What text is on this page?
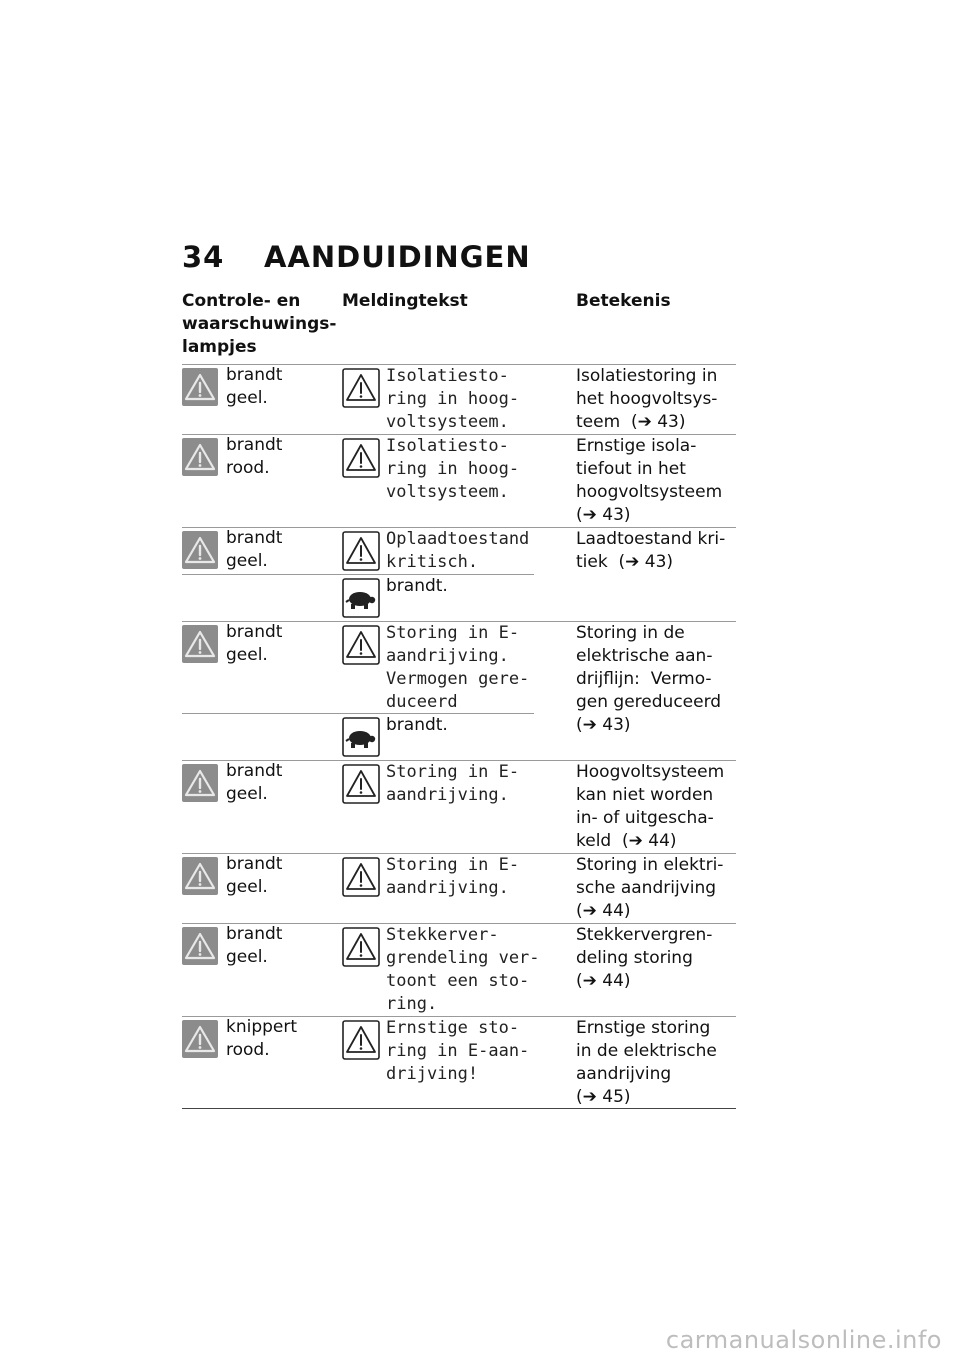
34 AANDUIDINGEN
Controle- en
waarschuwings-
lampjes
Meldingtekst	Betekenis
brandt
geel.
Isolatiesto-
ring in hoog-
voltsysteem.
Isolatiestoring in
het hoogvoltsys-
teem  (➔ 43)
brandt
rood.
Isolatiesto-
ring in hoog-
voltsysteem.
Ernstige isola-
tiefout in het
hoogvoltsysteem
(➔ 43)
brandt
geel.
Oplaadtoestand
kritisch.
Laadtoestand kri-
tiek  (➔ 43)
brandt.
brandt
geel.
Storing in E-
aandrijving.
Vermogen gere-
duceerd
Storing in de
elektrische aan-
drijflijn:  Vermo-
gen gereduceerd
(➔ 43)
brandt.
brandt
geel.
Storing in E-
aandrijving.
Hoogvoltsysteem
kan niet worden
in- of uitgescha-
keld  (➔ 44)
brandt
geel.
Storing in E-
aandrijving.
Storing in elektri-
sche aandrijving
(➔ 44)
brandt
geel.
Stekkerver-
grendeling ver-
toont een sto-
ring.
Stekkervergren-
deling storing
(➔ 44)
knippert
rood.
Ernstige sto-
ring in E-aan-
drijving!
Ernstige storing
in de elektrische
aandrijving
(➔ 45)
carmanualsonline.info
